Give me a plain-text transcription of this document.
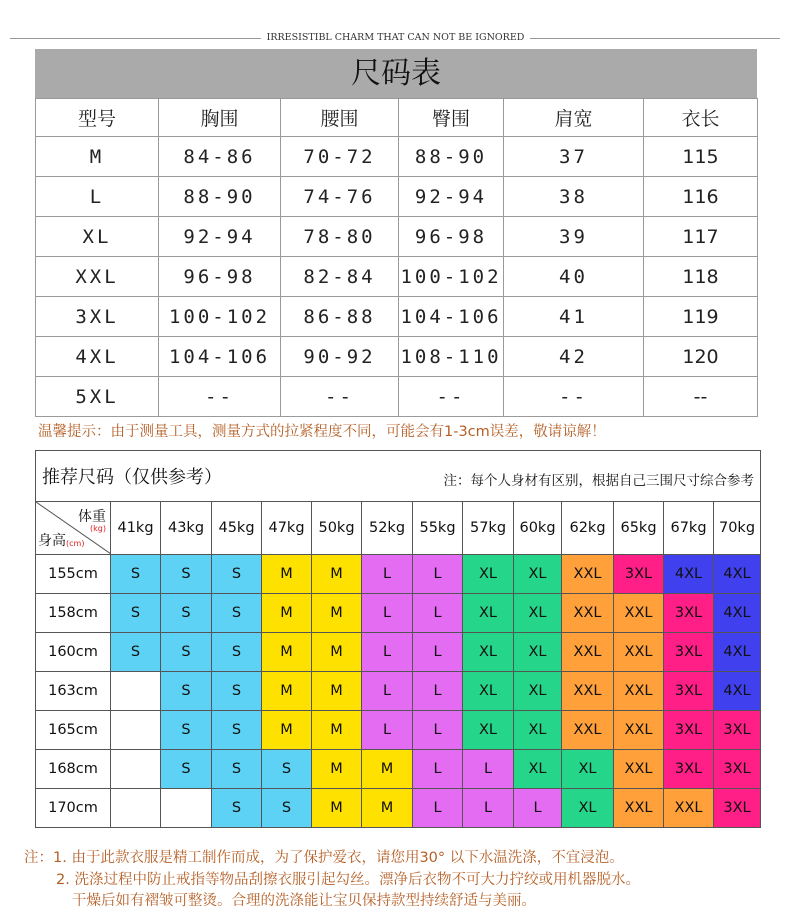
IRRESISTIBL CHARM THAT CAN NOT BE IGNORED
尺码表
型号	胸围	腰围	臀围	肩宽	衣长
M	84-86	70-72	88-90	37	115
L	88-90	74-76	92-94	38	116
XL	92-94	78-80	96-98	39	117
XXL	96-98	82-84	100-102	40	118
3XL	100-102	86-88	104-106	41	119
4XL	104-106	90-92	108-110	42	120
5XL	--	--	--	--	--
温馨提示：由于测量工具，测量方式的拉紧程度不同，可能会有1-3cm误差，敬请谅解！
推荐尺码（仅供参考） 注：每个人身材有区别，根据自己三围尺寸综合参考													

体重
(kg)
身高 (cm)	41kg	43kg	45kg	47kg	50kg	52kg	55kg	57kg	60kg	62kg	65kg	67kg	70kg
155cm	S	S	S	M	M	L	L	XL	XL	XXL	3XL	4XL	4XL
158cm	S	S	S	M	M	L	L	XL	XL	XXL	XXL	3XL	4XL
160cm	S	S	S	M	M	L	L	XL	XL	XXL	XXL	3XL	4XL
163cm		S	S	M	M	L	L	XL	XL	XXL	XXL	3XL	4XL
165cm		S	S	M	M	L	L	XL	XL	XXL	XXL	3XL	3XL
168cm		S	S	S	M	M	L	L	XL	XL	XXL	3XL	3XL
170cm			S	S	M	M	L	L	L	XL	XXL	XXL	3XL
注：1. 由于此款衣服是精工制作而成，为了保护爱衣，请您用30° 以下水温洗涤，不宜浸泡。
2. 洗涤过程中防止戒指等物品刮擦衣服引起勾丝。漂净后衣物不可大力拧绞或用机器脱水。
干燥后如有褶皱可整烫。合理的洗涤能让宝贝保持款型持续舒适与美丽。
